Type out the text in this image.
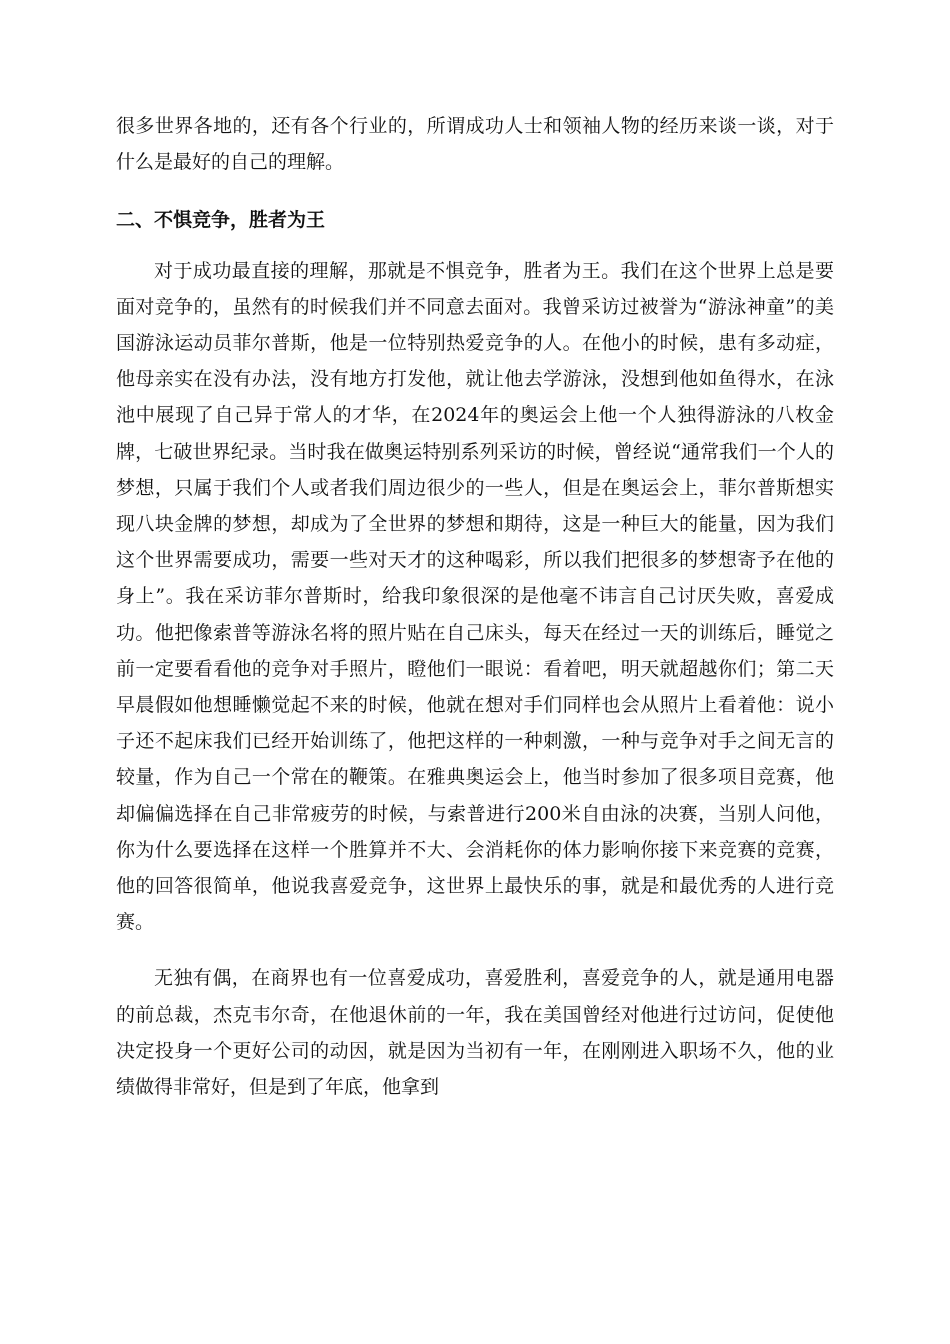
很多世界各地的，还有各个行业的，所谓成功人士和领袖人物的经历来谈一谈，对于什么是最好的自己的理解。

二、不惧竞争，胜者为王

对于成功最直接的理解，那就是不惧竞争，胜者为王。我们在这个世界上总是要面对竞争的，虽然有的时候我们并不同意去面对。我曾采访过被誉为“游泳神童”的美国游泳运动员菲尔普斯，他是一位特别热爱竞争的人。在他小的时候，患有多动症，他母亲实在没有办法，没有地方打发他，就让他去学游泳，没想到他如鱼得水，在泳池中展现了自己异于常人的才华，在2024年的奥运会上他一个人独得游泳的八枚金牌，七破世界纪录。当时我在做奥运特别系列采访的时候，曾经说“通常我们一个人的梦想，只属于我们个人或者我们周边很少的一些人，但是在奥运会上，菲尔普斯想实现八块金牌的梦想，却成为了全世界的梦想和期待，这是一种巨大的能量，因为我们这个世界需要成功，需要一些对天才的这种喝彩，所以我们把很多的梦想寄予在他的身上”。我在采访菲尔普斯时，给我印象很深的是他毫不讳言自己讨厌失败，喜爱成功。他把像索普等游泳名将的照片贴在自己床头，每天在经过一天的训练后，睡觉之前一定要看看他的竞争对手照片，瞪他们一眼说：看着吧，明天就超越你们；第二天早晨假如他想睡懒觉起不来的时候，他就在想对手们同样也会从照片上看着他：说小子还不起床我们已经开始训练了，他把这样的一种刺激，一种与竞争对手之间无言的较量，作为自己一个常在的鞭策。在雅典奥运会上，他当时参加了很多项目竞赛，他却偏偏选择在自己非常疲劳的时候，与索普进行200米自由泳的决赛，当别人问他，你为什么要选择在这样一个胜算并不大、会消耗你的体力影响你接下来竞赛的竞赛，他的回答很简单，他说我喜爱竞争，这世界上最快乐的事，就是和最优秀的人进行竞赛。

无独有偶，在商界也有一位喜爱成功，喜爱胜利，喜爱竞争的人，就是通用电器的前总裁，杰克韦尔奇，在他退休前的一年，我在美国曾经对他进行过访问，促使他决定投身一个更好公司的动因，就是因为当初有一年，在刚刚进入职场不久，他的业绩做得非常好，但是到了年底，他拿到
